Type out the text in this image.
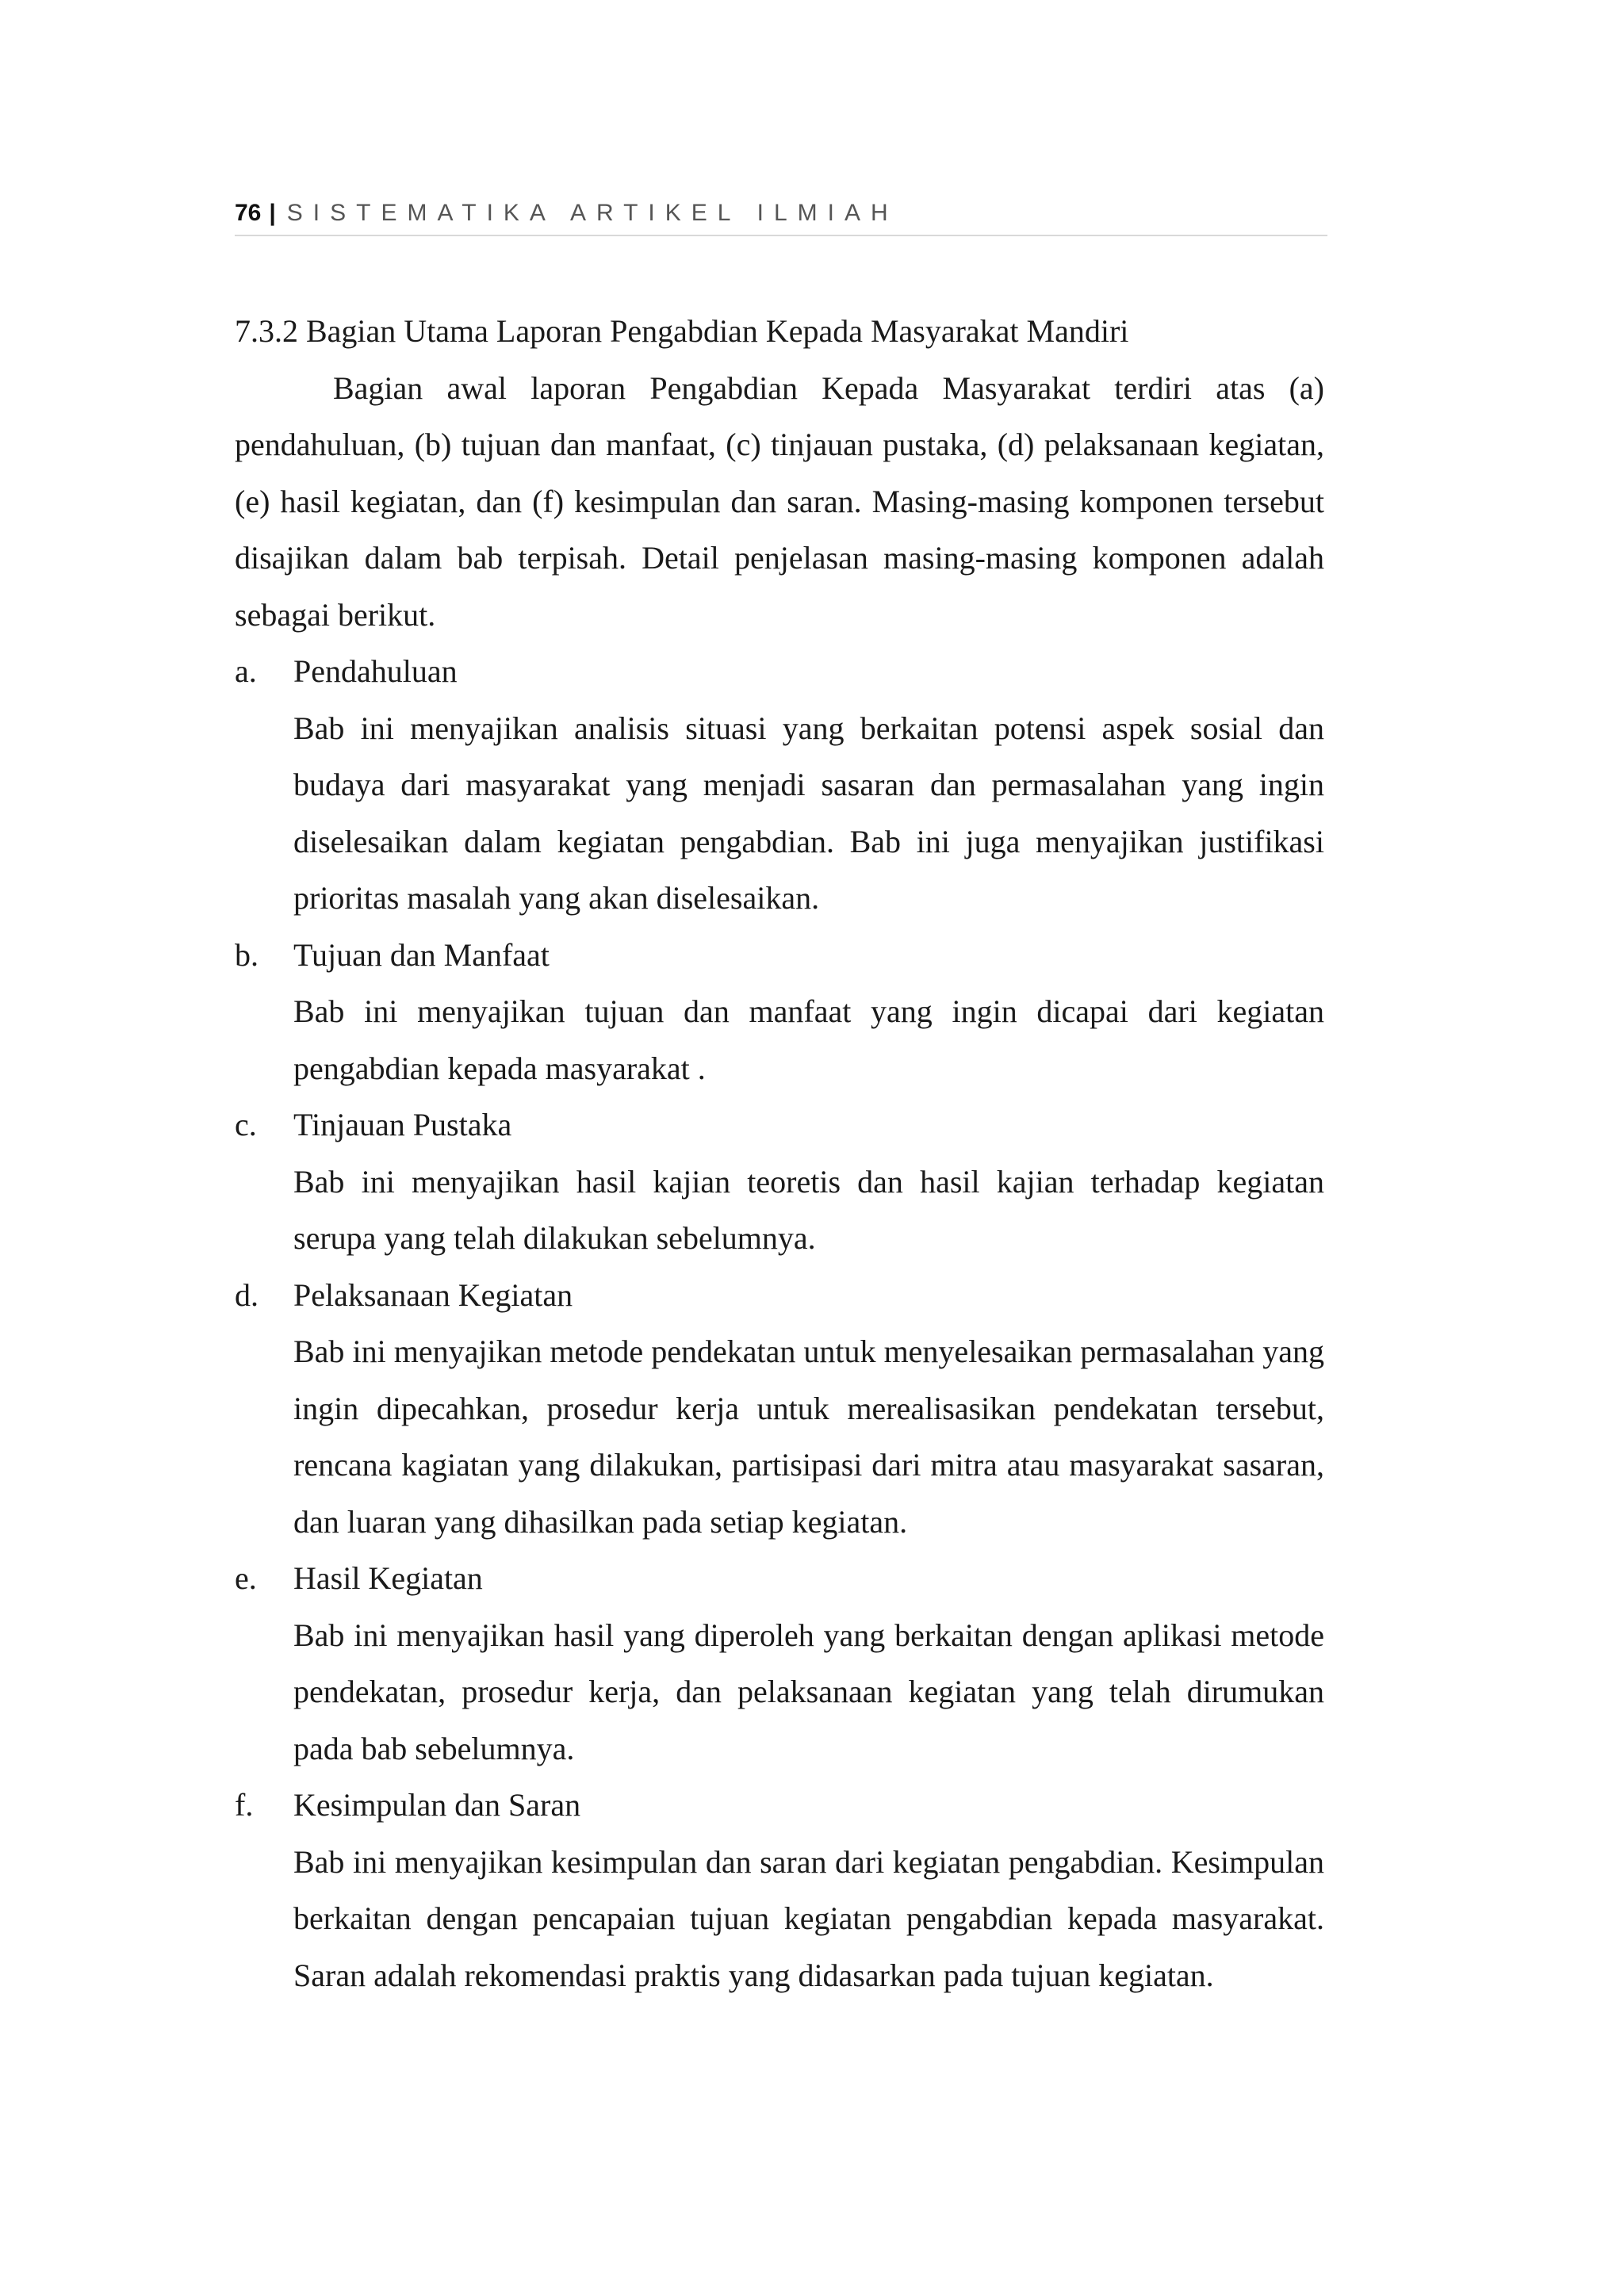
76 | SISTEMATIKA ARTIKEL ILMIAH
7.3.2 Bagian Utama Laporan Pengabdian Kepada Masyarakat Mandiri

Bagian awal laporan Pengabdian Kepada Masyarakat terdiri atas (a) pendahuluan, (b) tujuan dan manfaat, (c) tinjauan pustaka, (d) pelaksanaan kegiatan, (e) hasil kegiatan, dan (f) kesimpulan dan saran. Masing-masing komponen tersebut disajikan dalam bab terpisah. Detail penjelasan masing-masing komponen adalah sebagai berikut.

a. Pendahuluan

Bab ini menyajikan analisis situasi yang berkaitan potensi aspek sosial dan budaya dari masyarakat yang menjadi sasaran dan permasalahan yang ingin diselesaikan dalam kegiatan pengabdian. Bab ini juga menyajikan justifikasi prioritas masalah yang akan diselesaikan.

b. Tujuan dan Manfaat

Bab ini menyajikan tujuan dan manfaat yang ingin dicapai dari kegiatan pengabdian kepada masyarakat .

c. Tinjauan Pustaka

Bab ini menyajikan hasil kajian teoretis dan hasil kajian terhadap kegiatan serupa yang telah dilakukan sebelumnya.

d. Pelaksanaan Kegiatan

Bab ini menyajikan metode pendekatan untuk menyelesaikan permasalahan yang ingin dipecahkan, prosedur kerja untuk merealisasikan pendekatan tersebut, rencana kagiatan yang dilakukan, partisipasi dari mitra atau masyarakat sasaran, dan luaran yang dihasilkan pada setiap kegiatan.

e. Hasil Kegiatan

Bab ini menyajikan hasil yang diperoleh yang berkaitan dengan aplikasi metode pendekatan, prosedur kerja, dan pelaksanaan kegiatan yang telah dirumukan pada bab sebelumnya.

f. Kesimpulan dan Saran

Bab ini menyajikan kesimpulan dan saran dari kegiatan pengabdian. Kesimpulan berkaitan dengan pencapaian tujuan kegiatan pengabdian kepada masyarakat. Saran adalah rekomendasi praktis yang didasarkan pada tujuan kegiatan.
